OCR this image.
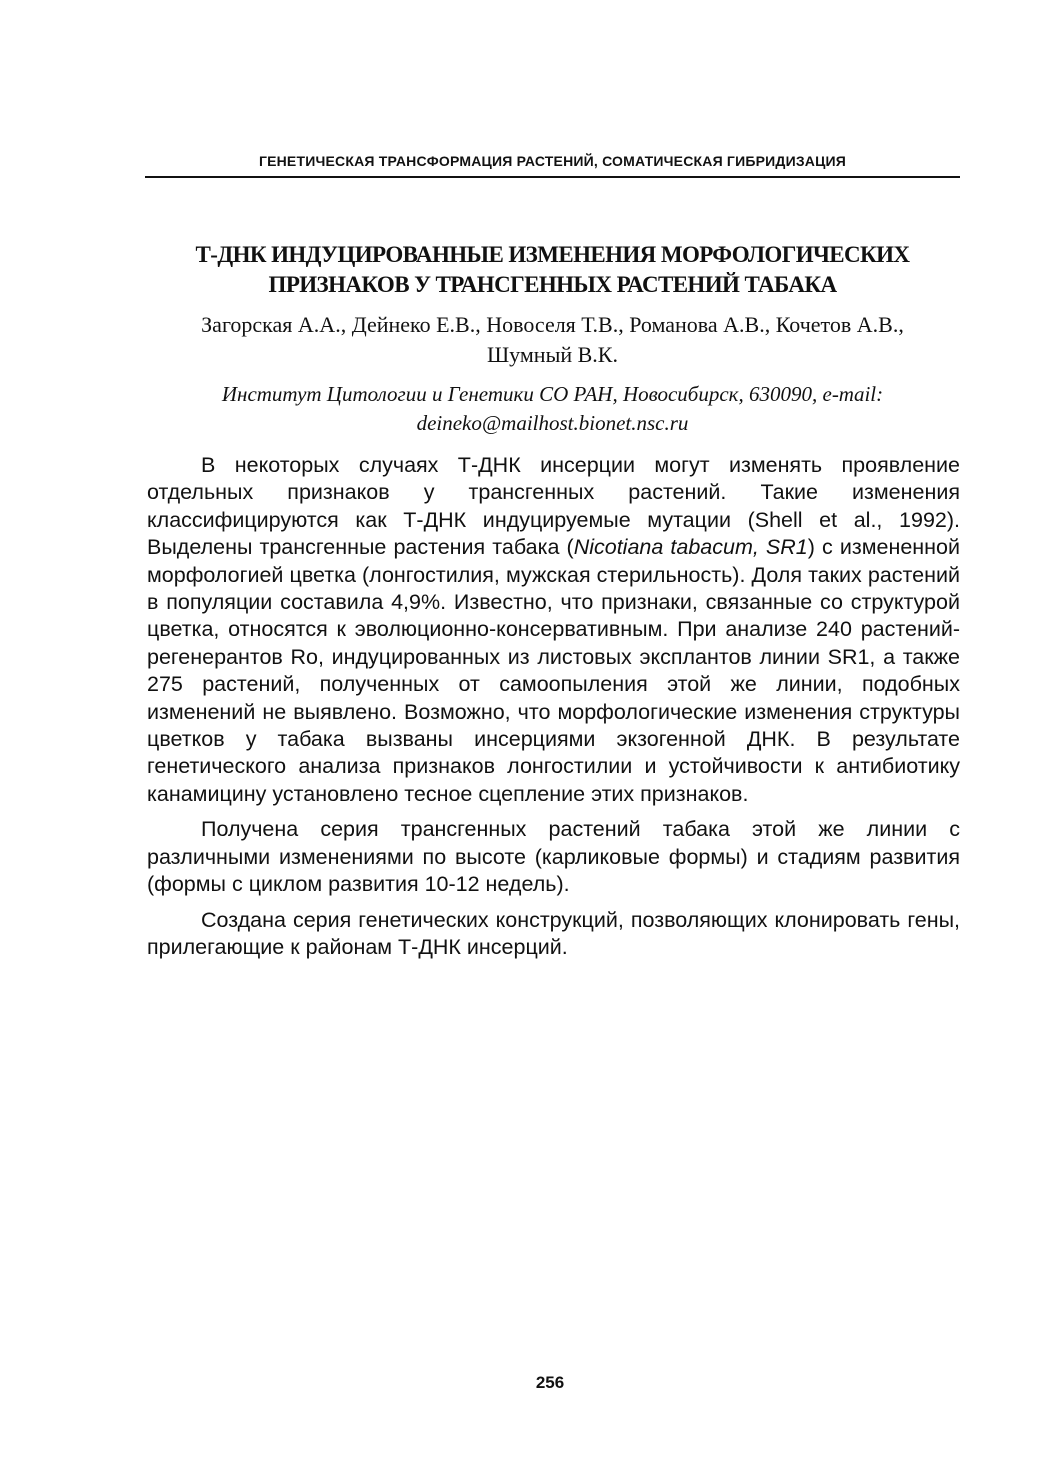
ГЕНЕТИЧЕСКАЯ ТРАНСФОРМАЦИЯ РАСТЕНИЙ, СОМАТИЧЕСКАЯ ГИБРИДИЗАЦИЯ
Т-ДНК ИНДУЦИРОВАННЫЕ ИЗМЕНЕНИЯ МОРФОЛОГИЧЕСКИХ
ПРИЗНАКОВ У ТРАНСГЕННЫХ РАСТЕНИЙ ТАБАКА
Загорская А.А., Дейнеко Е.В., Новоселя Т.В., Романова А.В., Кочетов А.В.,
Шумный В.К.
Институт Цитологии и Генетики СО РАН, Новосибирск, 630090, e-mail:
deineko@mailhost.bionet.nsc.ru

В некоторых случаях Т-ДНК инсерции могут изменять проявление отдельных признаков у трансгенных растений. Такие изменения классифицируются как Т-ДНК индуцируемые мутации (Shell et al., 1992). Выделены трансгенные растения табака (Nicotiana tabacum, SR1) с измененной морфологией цветка (лонгостилия, мужская стерильность). Доля таких растений в популяции составила 4,9%. Известно, что признаки, связанные со структурой цветка, относятся к эволюционно-консервативным. При анализе 240 растений-регенерантов Ro, индуцированных из листовых эксплантов линии SR1, а также 275 растений, полученных от самоопыления этой же линии, подобных изменений не выявлено. Возможно, что морфологические изменения структуры цветков у табака вызваны инсерциями экзогенной ДНК. В результате генетического анализа признаков лонгостилии и устойчивости к антибиотику канамицину установлено тесное сцепление этих признаков.

Получена серия трансгенных растений табака этой же линии с различными изменениями по высоте (карликовые формы) и стадиям развития (формы с циклом развития 10-12 недель).

Создана серия генетических конструкций, позволяющих клонировать гены, прилегающие к районам Т-ДНК инсерций.

256
